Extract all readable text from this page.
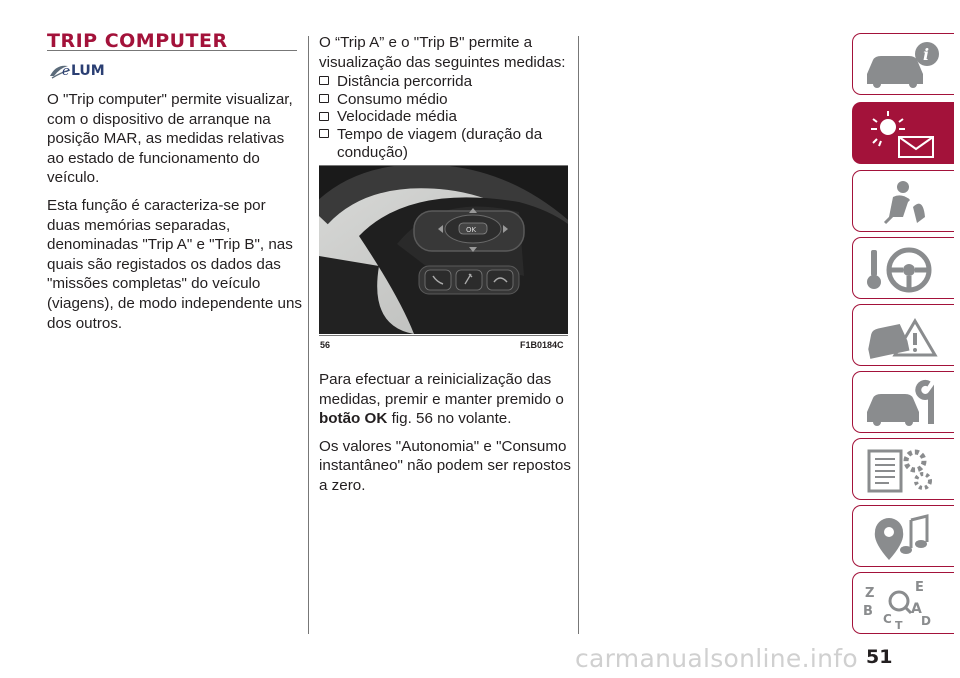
TRIP COMPUTER
e LUM

O "Trip computer" permite visualizar, com o dispositivo de arranque na posição MAR, as medidas relativas ao estado de funcionamento do veículo.

Esta função é caracteriza-se por duas memórias separadas, denominadas "Trip A" e "Trip B", nas quais são registados os dados das "missões completas" do veículo (viagens), de modo independente uns dos outros.

O “Trip A” e o "Trip B" permite a visualização das seguintes medidas:

Distância percorrida
Consumo médio
Velocidade média
Tempo de viagem (duração da condução)
OK
56	F1B0184C

Para efectuar a reinicialização das medidas, premir e manter premido o botão OK fig. 56 no volante.

Os valores "Autonomia" e "Consumo instantâneo" não podem ser repostos a zero.

i
Z	E
B	A
D
C T
51
carmanualsonline.info
